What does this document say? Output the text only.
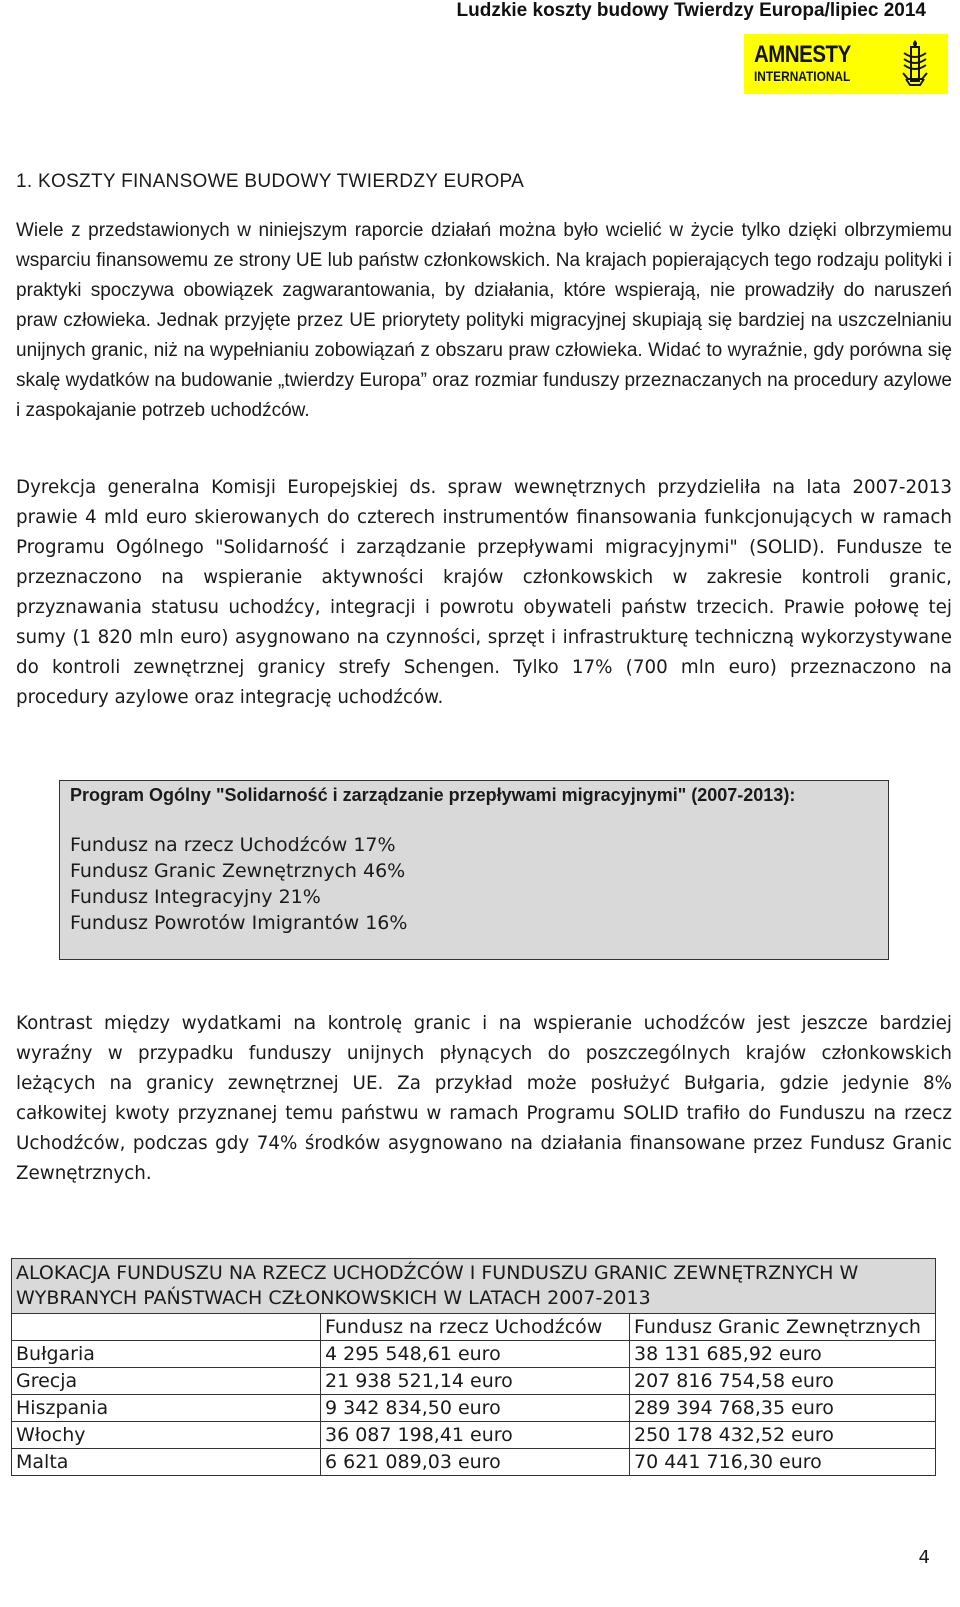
Ludzkie koszty budowy Twierdzy Europa/lipiec 2014
AMNESTY
INTERNATIONAL
1. KOSZTY FINANSOWE BUDOWY TWIERDZY EUROPA

Wiele z przedstawionych w niniejszym raporcie działań można było wcielić w życie tylko dzięki olbrzymiemu wsparciu finansowemu ze strony UE lub państw członkowskich. Na krajach popierających tego rodzaju polityki i praktyki spoczywa obowiązek zagwarantowania, by działania, które wspierają, nie prowadziły do naruszeń praw człowieka. Jednak przyjęte przez UE priorytety polityki migracyjnej skupiają się bardziej na uszczelnianiu unijnych granic, niż na wypełnianiu zobowiązań z obszaru praw człowieka. Widać to wyraźnie, gdy porówna się skalę wydatków na budowanie „twierdzy Europa” oraz rozmiar funduszy przeznaczanych na procedury azylowe i zaspokajanie potrzeb uchodźców.

Dyrekcja generalna Komisji Europejskiej ds. spraw wewnętrznych przydzieliła na lata 2007-2013 prawie 4 mld euro skierowanych do czterech instrumentów finansowania funkcjonujących w ramach Programu Ogólnego "Solidarność i zarządzanie przepływami migracyjnymi" (SOLID). Fundusze te przeznaczono na wspieranie aktywności krajów członkowskich w zakresie kontroli granic, przyznawania statusu uchodźcy, integracji i powrotu obywateli państw trzecich. Prawie połowę tej sumy (1 820 mln euro) asygnowano na czynności, sprzęt i infrastrukturę techniczną wykorzystywane do kontroli zewnętrznej granicy strefy Schengen. Tylko 17% (700 mln euro) przeznaczono na procedury azylowe oraz integrację uchodźców.

Program Ogólny "Solidarność i zarządzanie przepływami migracyjnymi" (2007-2013):
Fundusz na rzecz Uchodźców 17%
Fundusz Granic Zewnętrznych 46%
Fundusz Integracyjny 21%
Fundusz Powrotów Imigrantów 16%

Kontrast między wydatkami na kontrolę granic i na wspieranie uchodźców jest jeszcze bardziej wyraźny w przypadku funduszy unijnych płynących do poszczególnych krajów członkowskich leżących na granicy zewnętrznej UE. Za przykład może posłużyć Bułgaria, gdzie jedynie 8% całkowitej kwoty przyznanej temu państwu w ramach Programu SOLID trafiło do Funduszu na rzecz Uchodźców, podczas gdy 74% środków asygnowano na działania finansowane przez Fundusz Granic Zewnętrznych.

ALOKACJA FUNDUSZU NA RZECZ UCHODŹCÓW I FUNDUSZU GRANIC ZEWNĘTRZNYCH W WYBRANYCH PAŃSTWACH CZŁONKOWSKICH W LATACH 2007-2013		
	Fundusz na rzecz Uchodźców	Fundusz Granic Zewnętrznych
Bułgaria	4 295 548,61 euro	38 131 685,92 euro
Grecja	21 938 521,14 euro	207 816 754,58 euro
Hiszpania	9 342 834,50 euro	289 394 768,35 euro
Włochy	36 087 198,41 euro	250 178 432,52 euro
Malta	6 621 089,03 euro	70 441 716,30 euro
4
